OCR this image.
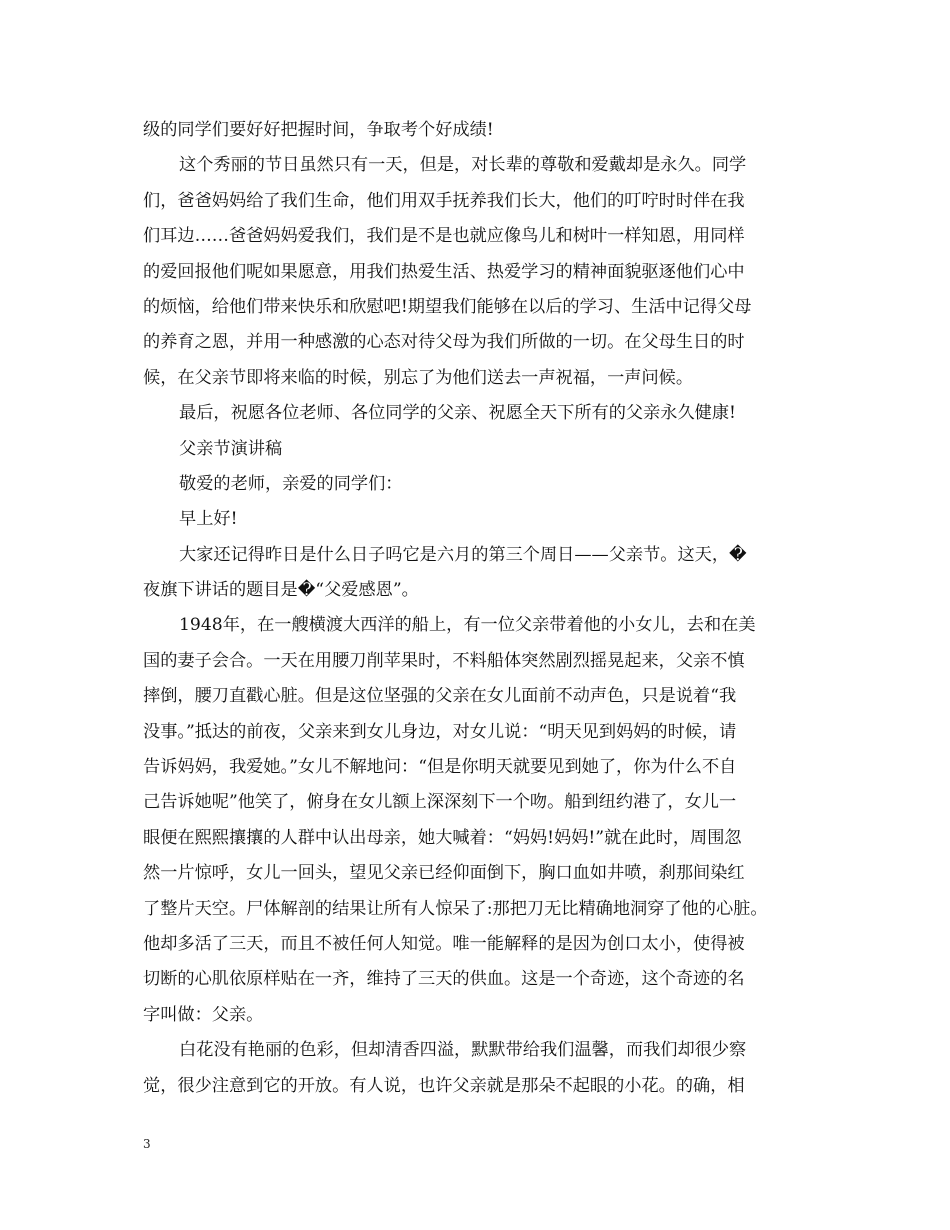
级的同学们要好好把握时间，争取考个好成绩!
这个秀丽的节日虽然只有一天，但是，对长辈的尊敬和爱戴却是永久。同学
们，爸爸妈妈给了我们生命，他们用双手抚养我们长大，他们的叮咛时时伴在我
们耳边……爸爸妈妈爱我们，我们是不是也就应像鸟儿和树叶一样知恩，用同样
的爱回报他们呢如果愿意，用我们热爱生活、热爱学习的精神面貌驱逐他们心中
的烦恼，给他们带来快乐和欣慰吧!期望我们能够在以后的学习、生活中记得父母
的养育之恩，并用一种感激的心态对待父母为我们所做的一切。在父母生日的时
候，在父亲节即将来临的时候，别忘了为他们送去一声祝福，一声问候。
最后，祝愿各位老师、各位同学的父亲、祝愿全天下所有的父亲永久健康!
父亲节演讲稿
敬爱的老师，亲爱的同学们：
早上好!
大家还记得昨日是什么日子吗它是六月的第三个周日——父亲节。这天，�
夜旗下讲话的题目是�“父爱感恩”。
1948年，在一艘横渡大西洋的船上，有一位父亲带着他的小女儿，去和在美
国的妻子会合。一天在用腰刀削苹果时，不料船体突然剧烈摇晃起来，父亲不慎
摔倒，腰刀直戳心脏。但是这位坚强的父亲在女儿面前不动声色，只是说着“我
没事。”抵达的前夜，父亲来到女儿身边，对女儿说：“明天见到妈妈的时候，请
告诉妈妈，我爱她。”女儿不解地问：“但是你明天就要见到她了，你为什么不自
己告诉她呢”他笑了，俯身在女儿额上深深刻下一个吻。船到纽约港了，女儿一
眼便在熙熙攘攘的人群中认出母亲，她大喊着：“妈妈!妈妈!”就在此时，周围忽
然一片惊呼，女儿一回头，望见父亲已经仰面倒下，胸口血如井喷，刹那间染红
了整片天空。尸体解剖的结果让所有人惊呆了:那把刀无比精确地洞穿了他的心脏。
他却多活了三天，而且不被任何人知觉。唯一能解释的是因为创口太小，使得被
切断的心肌依原样贴在一齐，维持了三天的供血。这是一个奇迹，这个奇迹的名
字叫做：父亲。
白花没有艳丽的色彩，但却清香四溢，默默带给我们温馨，而我们却很少察
觉，很少注意到它的开放。有人说，也许父亲就是那朵不起眼的小花。的确，相
3
